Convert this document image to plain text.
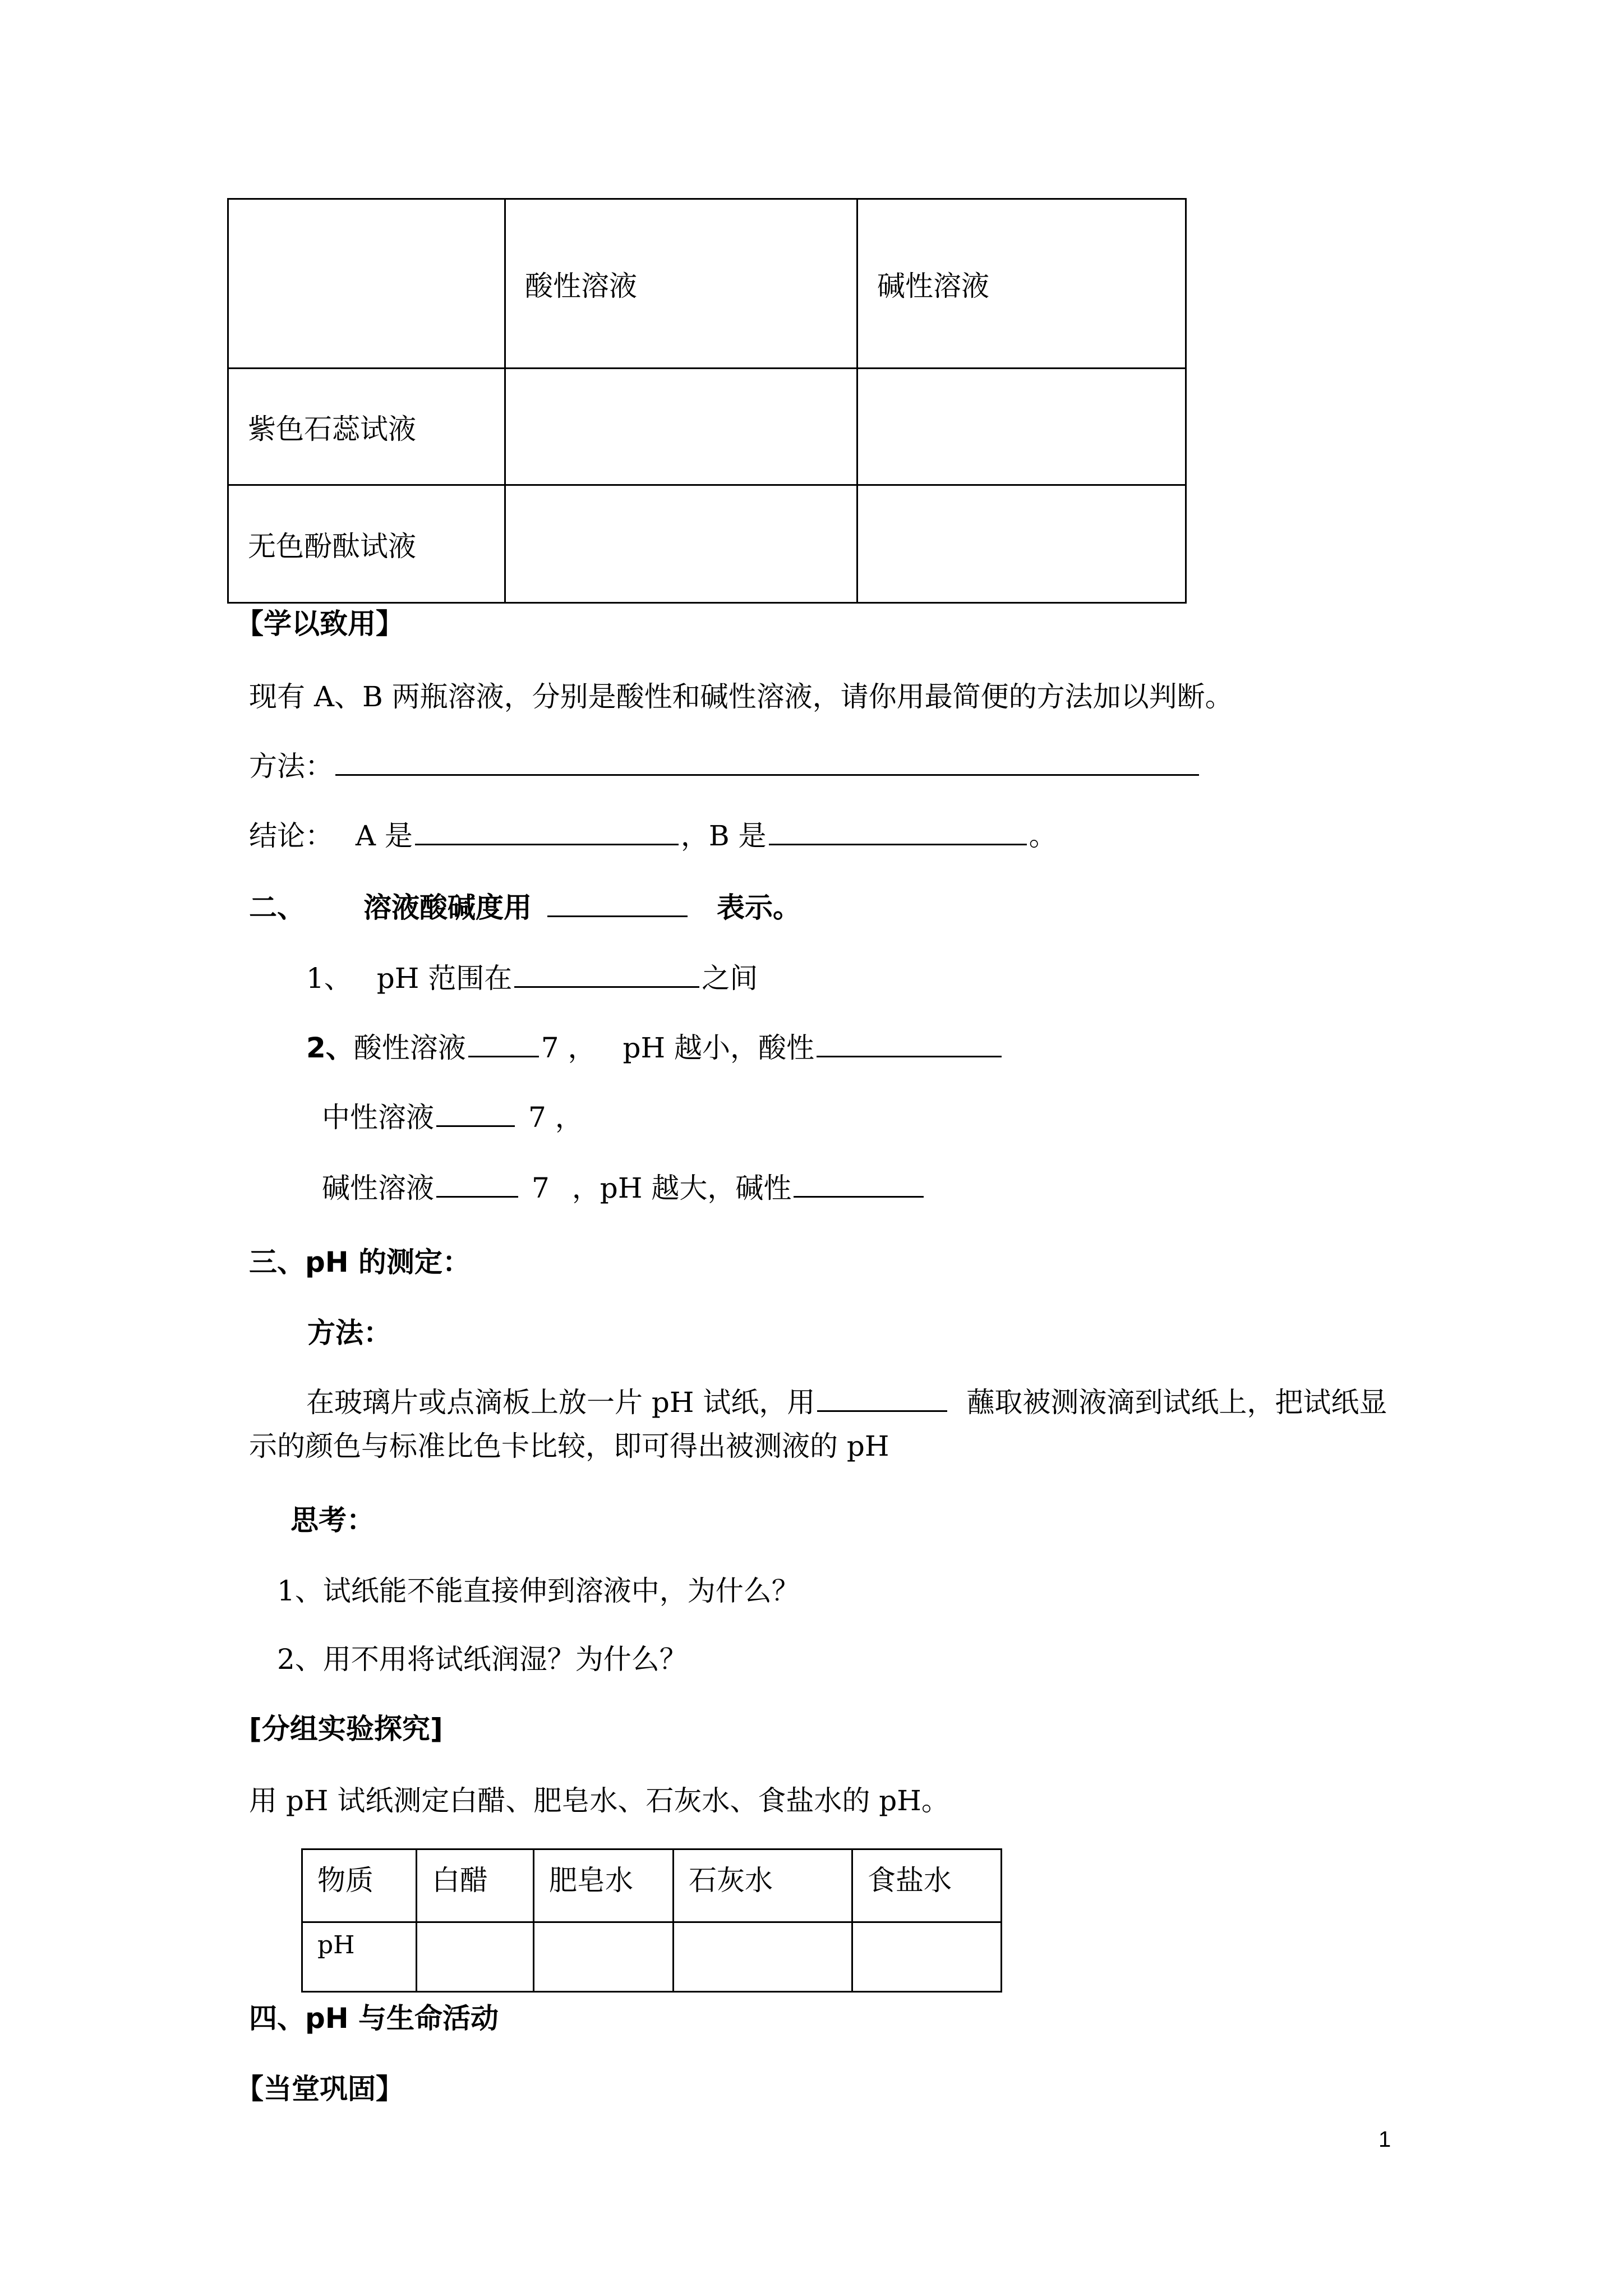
	酸性溶液	碱性溶液
紫色石蕊试液		
无色酚酞试液		
【学以致用】
现有 A、B 两瓶溶液，分别是酸性和碱性溶液，请你用最简便的方法加以判断。
方法：
结论： A 是	，B 是	。
二、 溶液酸碱度用	表示。
1、 pH 范围在	之间
2、酸性溶液	7 ， pH 越小，酸性
中性溶液	7 ，
碱性溶液	7 ，pH 越大，碱性
三、pH 的测定：
方法：
在玻璃片或点滴板上放一片 pH 试纸，用	蘸取被测液滴到试纸上，把试纸显
示的颜色与标准比色卡比较，即可得出被测液的 pH
思考：
1、试纸能不能直接伸到溶液中，为什么？
2、用不用将试纸润湿？为什么？
[分组实验探究]
用 pH 试纸测定白醋、肥皂水、石灰水、食盐水的 pH。
物质	白醋	肥皂水	石灰水	食盐水
pH				
四、pH 与生命活动
【当堂巩固】
1
